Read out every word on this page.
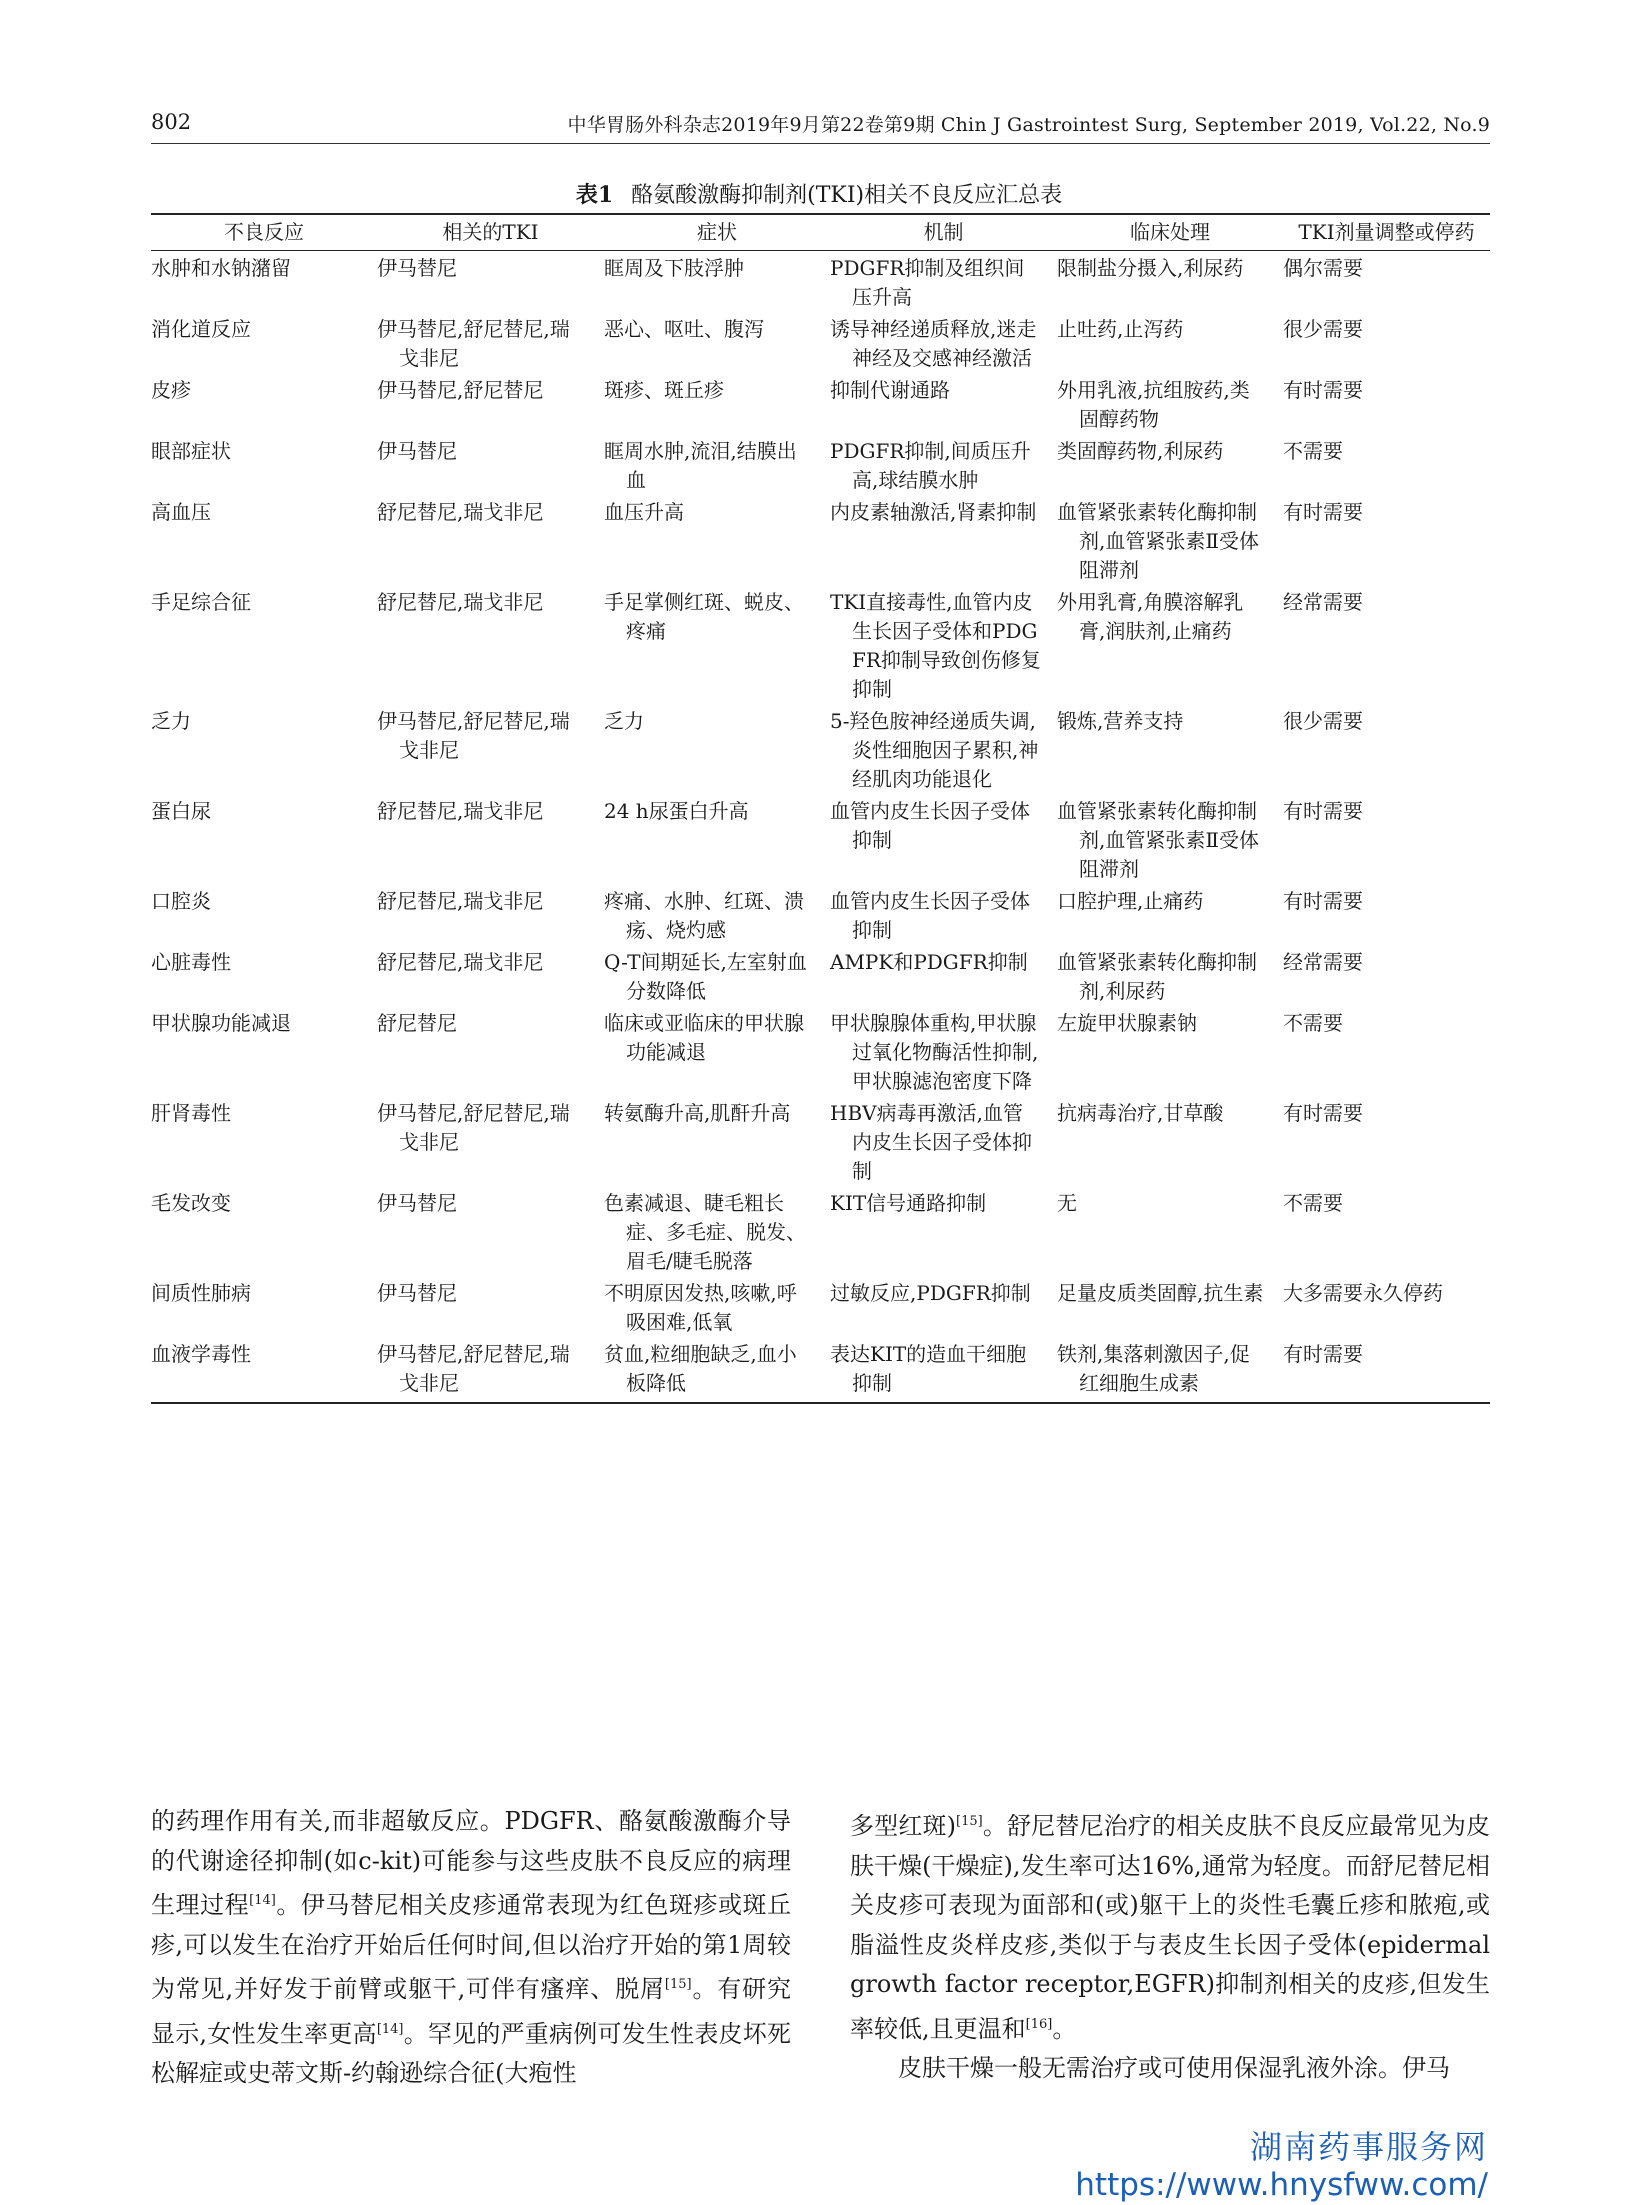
802	中华胃肠外科杂志2019年9月第22卷第9期 Chin J Gastrointest Surg, September 2019, Vol.22, No.9
表1 酪氨酸激酶抑制剂(TKI)相关不良反应汇总表
不良反应	相关的TKI	症状	机制	临床处理	TKI剂量调整或停药

水肿和水钠潴留	伊马替尼	眶周及下肢浮肿	PDGFR抑制及组织间压升高	限制盐分摄入,利尿药	偶尔需要

消化道反应	伊马替尼,舒尼替尼,瑞戈非尼	恶心、呕吐、腹泻	诱导神经递质释放,迷走神经及交感神经激活	止吐药,止泻药	很少需要

皮疹	伊马替尼,舒尼替尼	斑疹、斑丘疹	抑制代谢通路	外用乳液,抗组胺药,类固醇药物	有时需要

眼部症状	伊马替尼	眶周水肿,流泪,结膜出血	PDGFR抑制,间质压升高,球结膜水肿	类固醇药物,利尿药	不需要

高血压	舒尼替尼,瑞戈非尼	血压升高	内皮素轴激活,肾素抑制	血管紧张素转化酶抑制剂,血管紧张素Ⅱ受体阻滞剂	有时需要

手足综合征	舒尼替尼,瑞戈非尼	手足掌侧红斑、蜕皮、疼痛	TKI直接毒性,血管内皮生长因子受体和PDGFR抑制导致创伤修复抑制	外用乳膏,角膜溶解乳膏,润肤剂,止痛药	经常需要

乏力	伊马替尼,舒尼替尼,瑞戈非尼	乏力	5-羟色胺神经递质失调,炎性细胞因子累积,神经肌肉功能退化	锻炼,营养支持	很少需要

蛋白尿	舒尼替尼,瑞戈非尼	24 h尿蛋白升高	血管内皮生长因子受体抑制	血管紧张素转化酶抑制剂,血管紧张素Ⅱ受体阻滞剂	有时需要

口腔炎	舒尼替尼,瑞戈非尼	疼痛、水肿、红斑、溃疡、烧灼感	血管内皮生长因子受体抑制	口腔护理,止痛药	有时需要

心脏毒性	舒尼替尼,瑞戈非尼	Q-T间期延长,左室射血分数降低	AMPK和PDGFR抑制	血管紧张素转化酶抑制剂,利尿药	经常需要

甲状腺功能减退	舒尼替尼	临床或亚临床的甲状腺功能减退	甲状腺腺体重构,甲状腺过氧化物酶活性抑制,甲状腺滤泡密度下降	左旋甲状腺素钠	不需要

肝肾毒性	伊马替尼,舒尼替尼,瑞戈非尼	转氨酶升高,肌酐升高	HBV病毒再激活,血管内皮生长因子受体抑制	抗病毒治疗,甘草酸	有时需要

毛发改变	伊马替尼	色素减退、睫毛粗长症、多毛症、脱发、眉毛/睫毛脱落	KIT信号通路抑制	无	不需要

间质性肺病	伊马替尼	不明原因发热,咳嗽,呼吸困难,低氧	过敏反应,PDGFR抑制	足量皮质类固醇,抗生素	大多需要永久停药

血液学毒性	伊马替尼,舒尼替尼,瑞戈非尼	贫血,粒细胞缺乏,血小板降低	表达KIT的造血干细胞抑制	铁剂,集落刺激因子,促红细胞生成素	有时需要

的药理作用有关,而非超敏反应。PDGFR、酪氨酸激酶介导的代谢途径抑制(如c-kit)可能参与这些皮肤不良反应的病理生理过程[14]。伊马替尼相关皮疹通常表现为红色斑疹或斑丘疹,可以发生在治疗开始后任何时间,但以治疗开始的第1周较为常见,并好发于前臂或躯干,可伴有瘙痒、脱屑[15]。有研究显示,女性发生率更高[14]。罕见的严重病例可发生性表皮坏死松解症或史蒂文斯-约翰逊综合征(大疱性

多型红斑)[15]。舒尼替尼治疗的相关皮肤不良反应最常见为皮肤干燥(干燥症),发生率可达16%,通常为轻度。而舒尼替尼相关皮疹可表现为面部和(或)躯干上的炎性毛囊丘疹和脓疱,或脂溢性皮炎样皮疹,类似于与表皮生长因子受体(epidermal growth factor receptor,EGFR)抑制剂相关的皮疹,但发生率较低,且更温和[16]。

皮肤干燥一般无需治疗或可使用保湿乳液外涂。伊马

湖南药事服务网
https://www.hnysfww.com/
